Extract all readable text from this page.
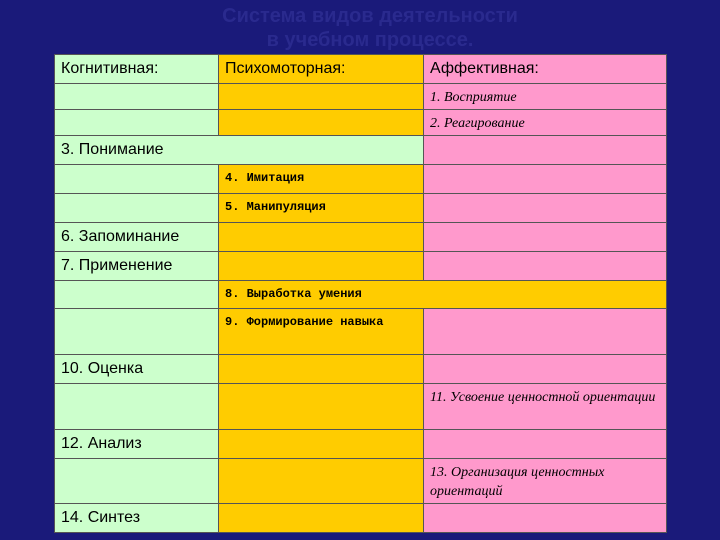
Система видов деятельности
в учебном процессе.
Когнитивная:	Психомоторная:	Аффективная:

		1. Восприятие

		2. Реагирование

3. Понимание		

	4. Имитация	

	5. Манипуляция	

6. Запоминание		

7. Применение		

	8. Выработка умения	

	9. Формирование навыка	

10. Оценка		

		11. Усвоение ценностной ориентации

12. Анализ		

		13. Организация ценностных ориентаций

14. Синтез		
